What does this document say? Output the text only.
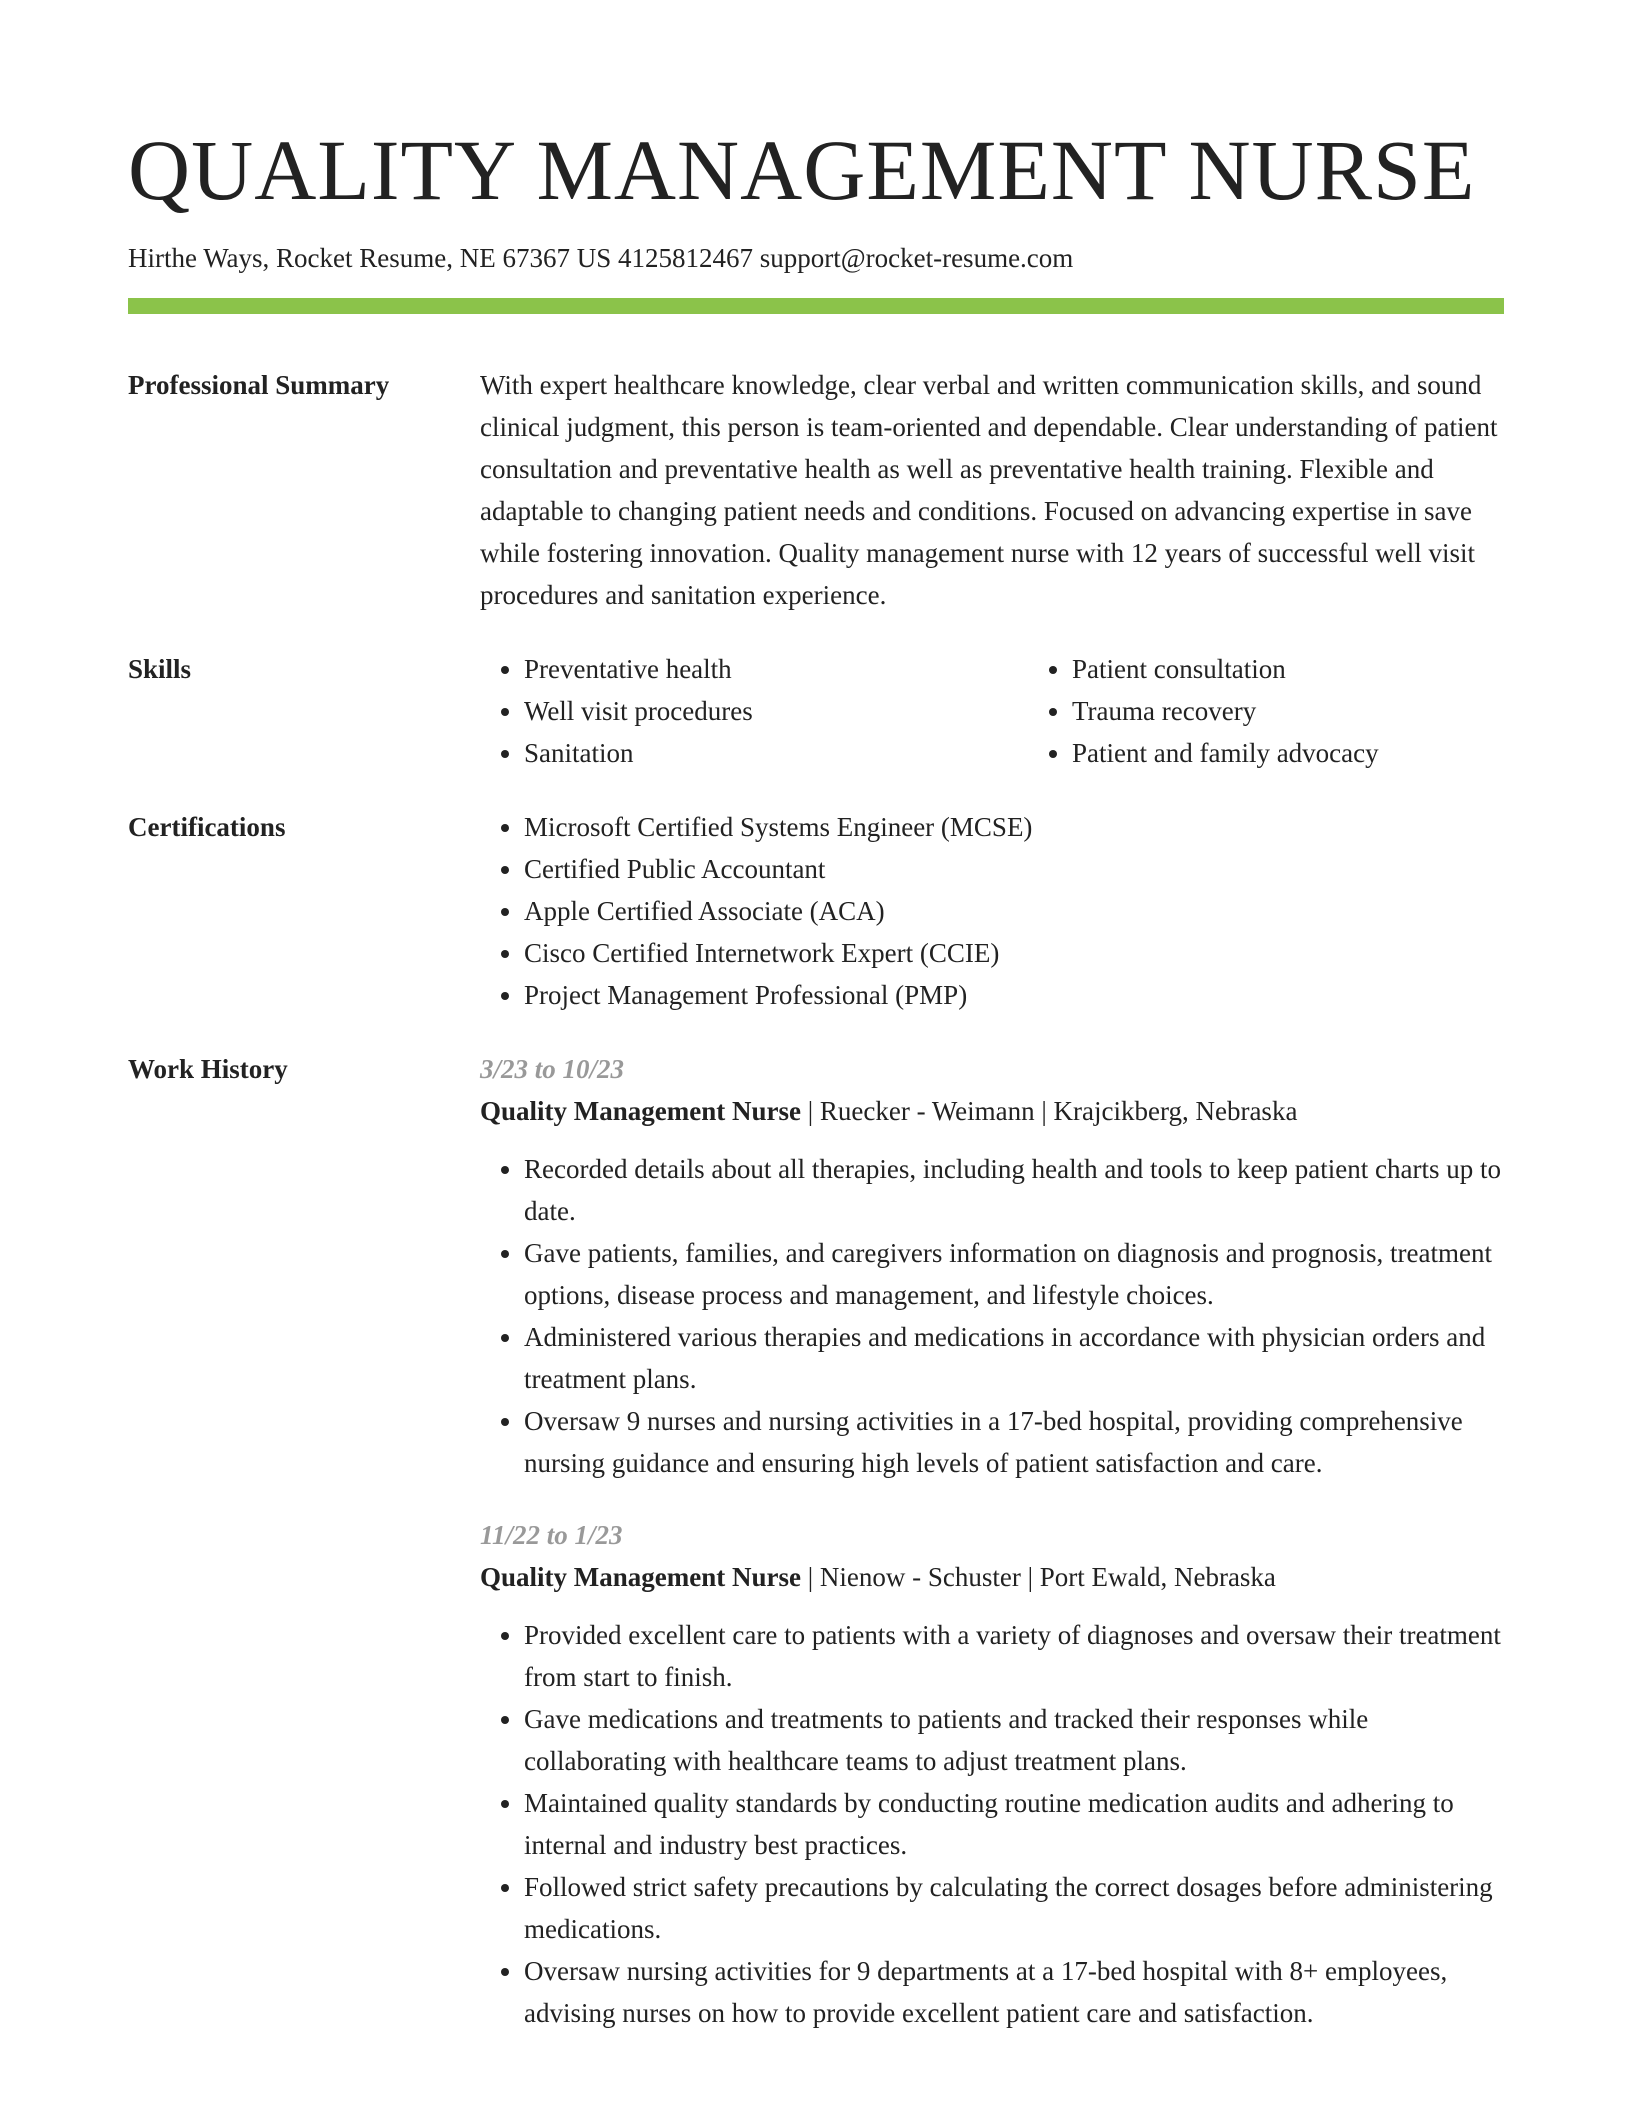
QUALITY MANAGEMENT NURSE
Hirthe Ways, Rocket Resume, NE 67367 US 4125812467 support@rocket-resume.com
Professional Summary	With expert healthcare knowledge, clear verbal and written communication skills, and sound clinical judgment, this person is team-oriented and dependable. Clear understanding of patient consultation and preventative health as well as preventative health training. Flexible and adaptable to changing patient needs and conditions. Focused on advancing expertise in save while fostering innovation. Quality management nurse with 12 years of successful well visit procedures and sanitation experience.

Skills	• Preventative health
• Well visit procedures
• Sanitation
• Patient consultation
• Trauma recovery
• Patient and family advocacy
Certifications	• Microsoft Certified Systems Engineer (MCSE)
• Certified Public Accountant
• Apple Certified Associate (ACA)
• Cisco Certified Internetwork Expert (CCIE)
• Project Management Professional (PMP)
Work History	3/23 to 10/23
Quality Management Nurse | Ruecker - Weimann | Krajcikberg, Nebraska
• Recorded details about all therapies, including health and tools to keep patient charts up to date.
• Gave patients, families, and caregivers information on diagnosis and prognosis, treatment options, disease process and management, and lifestyle choices.
• Administered various therapies and medications in accordance with physician orders and treatment plans.
• Oversaw 9 nurses and nursing activities in a 17-bed hospital, providing comprehensive nursing guidance and ensuring high levels of patient satisfaction and care.
11/22 to 1/23
Quality Management Nurse | Nienow - Schuster | Port Ewald, Nebraska
• Provided excellent care to patients with a variety of diagnoses and oversaw their treatment from start to finish.
• Gave medications and treatments to patients and tracked their responses while collaborating with healthcare teams to adjust treatment plans.
• Maintained quality standards by conducting routine medication audits and adhering to internal and industry best practices.
• Followed strict safety precautions by calculating the correct dosages before administering medications.
• Oversaw nursing activities for 9 departments at a 17-bed hospital with 8+ employees, advising nurses on how to provide excellent patient care and satisfaction.
